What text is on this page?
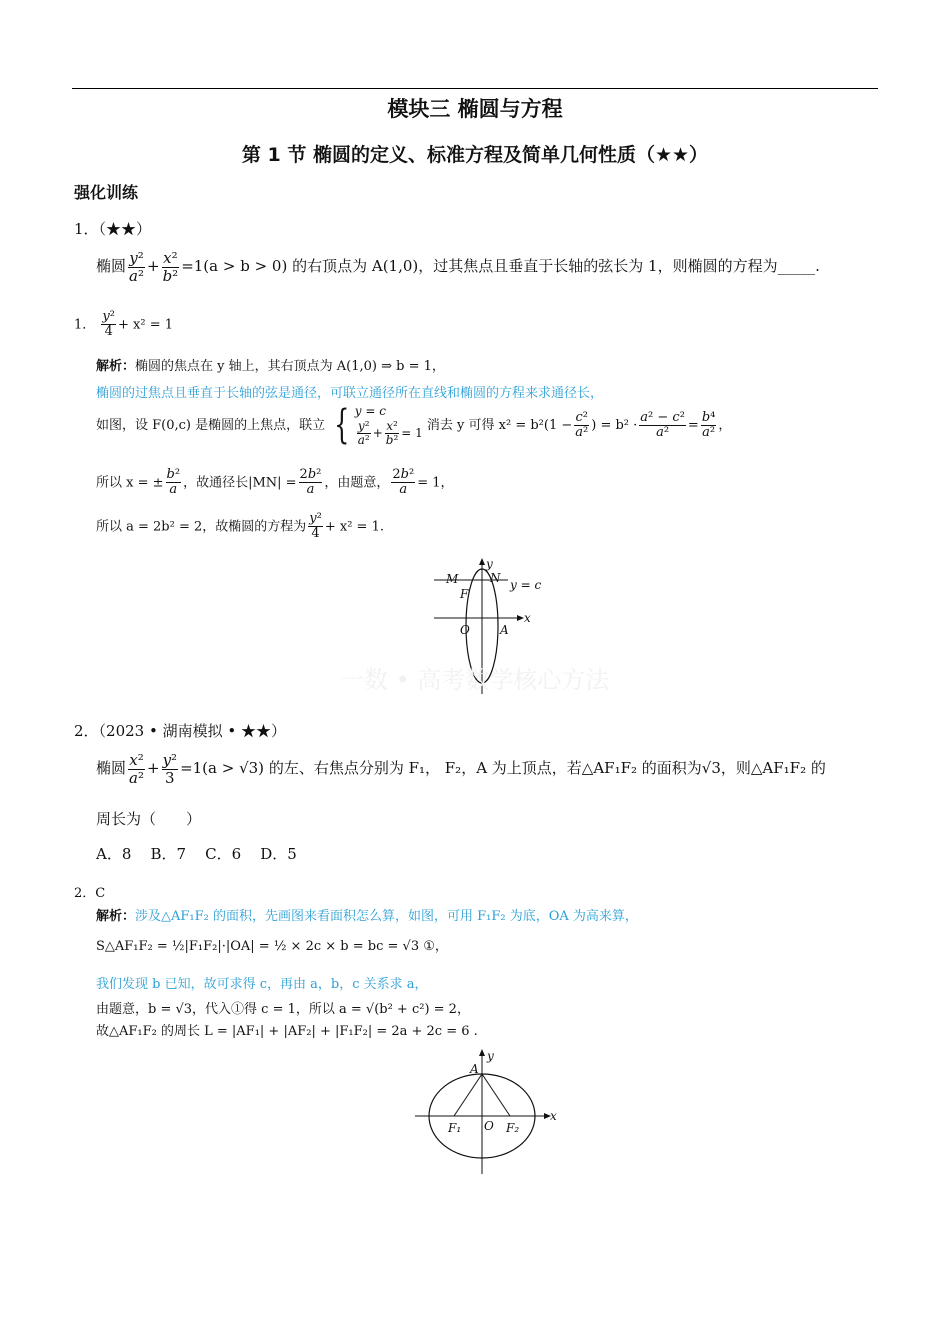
模块三 椭圆与方程
第 1 节 椭圆的定义、标准方程及简单几何性质（★★）
强化训练
1．（★★）
椭圆 $\frac{\text{y²}}{\text{a²}} + \frac{\text{x²}}{\text{b²}} =1(a > b > 0)$ 的右顶点为 A(1,0)，过其焦点且垂直于长轴的弦长为 1，则椭圆的方程为_____.
1． $\frac{\text{y²}}{4} + x^2 = 1$
解析：椭圆的焦点在 y 轴上，其右顶点为 A(1,0) ⇒ b = 1，
椭圆的过焦点且垂直于长轴的弦是通径，可联立通径所在直线和椭圆的方程来求通径长，
如图，设 F(0,c) 是椭圆的上焦点，联立 { y = c

$\frac{\text{y²}}{\text{a²}} + \frac{\text{x²}}{\text{b²}} = 1$ 消去 y 可得 $x^2 = b^2(1 - \frac{\text{c²}}{\text{a²}}$ ) = $b^2 \cdot \frac{\text{a² − c²}}{\text{a²}} = \frac{\text{b⁴}}{\text{a²}}$ ，
所以 x = ± $\frac{\text{b²}}{a}$ ，故通径长$|MN| = \frac{\text{2b²}}{a}$ ，由题意， $\frac{\text{2b²}}{a} = 1$，
所以 a = 2b² = 2，故椭圆的方程为 $\frac{\text{y²}}{4} + x^2 = 1$.
y
M	N y = c
F
O	A
x
一数 • 高考数学核心方法
2．（2023 • 湖南模拟 • ★★）
椭圆 $\frac{\text{x²}}{\text{a²}} + \frac{\text{y²}}{3} =1(a > √3)$ 的左、右焦点分别为 F₁， F₂，A 为上顶点，若△AF₁F₂ 的面积为√3，则△AF₁F₂ 的
周长为（　　）
A．8 B．7 C．6 D．5
2．C
解析：涉及△AF₁F₂ 的面积，先画图来看面积怎么算，如图，可用 F₁F₂ 为底，OA 为高来算，
S△AF₁F₂ = ½|F₁F₂|·|OA| = ½ × 2c × b = bc = √3 ①，
我们发现 b 已知，故可求得 c，再由 a，b，c 关系求 a，
由题意，b = √3，代入①得 c = 1，所以 a = √(b² + c²) = 2，
故△AF₁F₂ 的周长 L = |AF₁| + |AF₂| + |F₁F₂| = 2a + 2c = 6 .
y
A
x
F₁ O F₂
